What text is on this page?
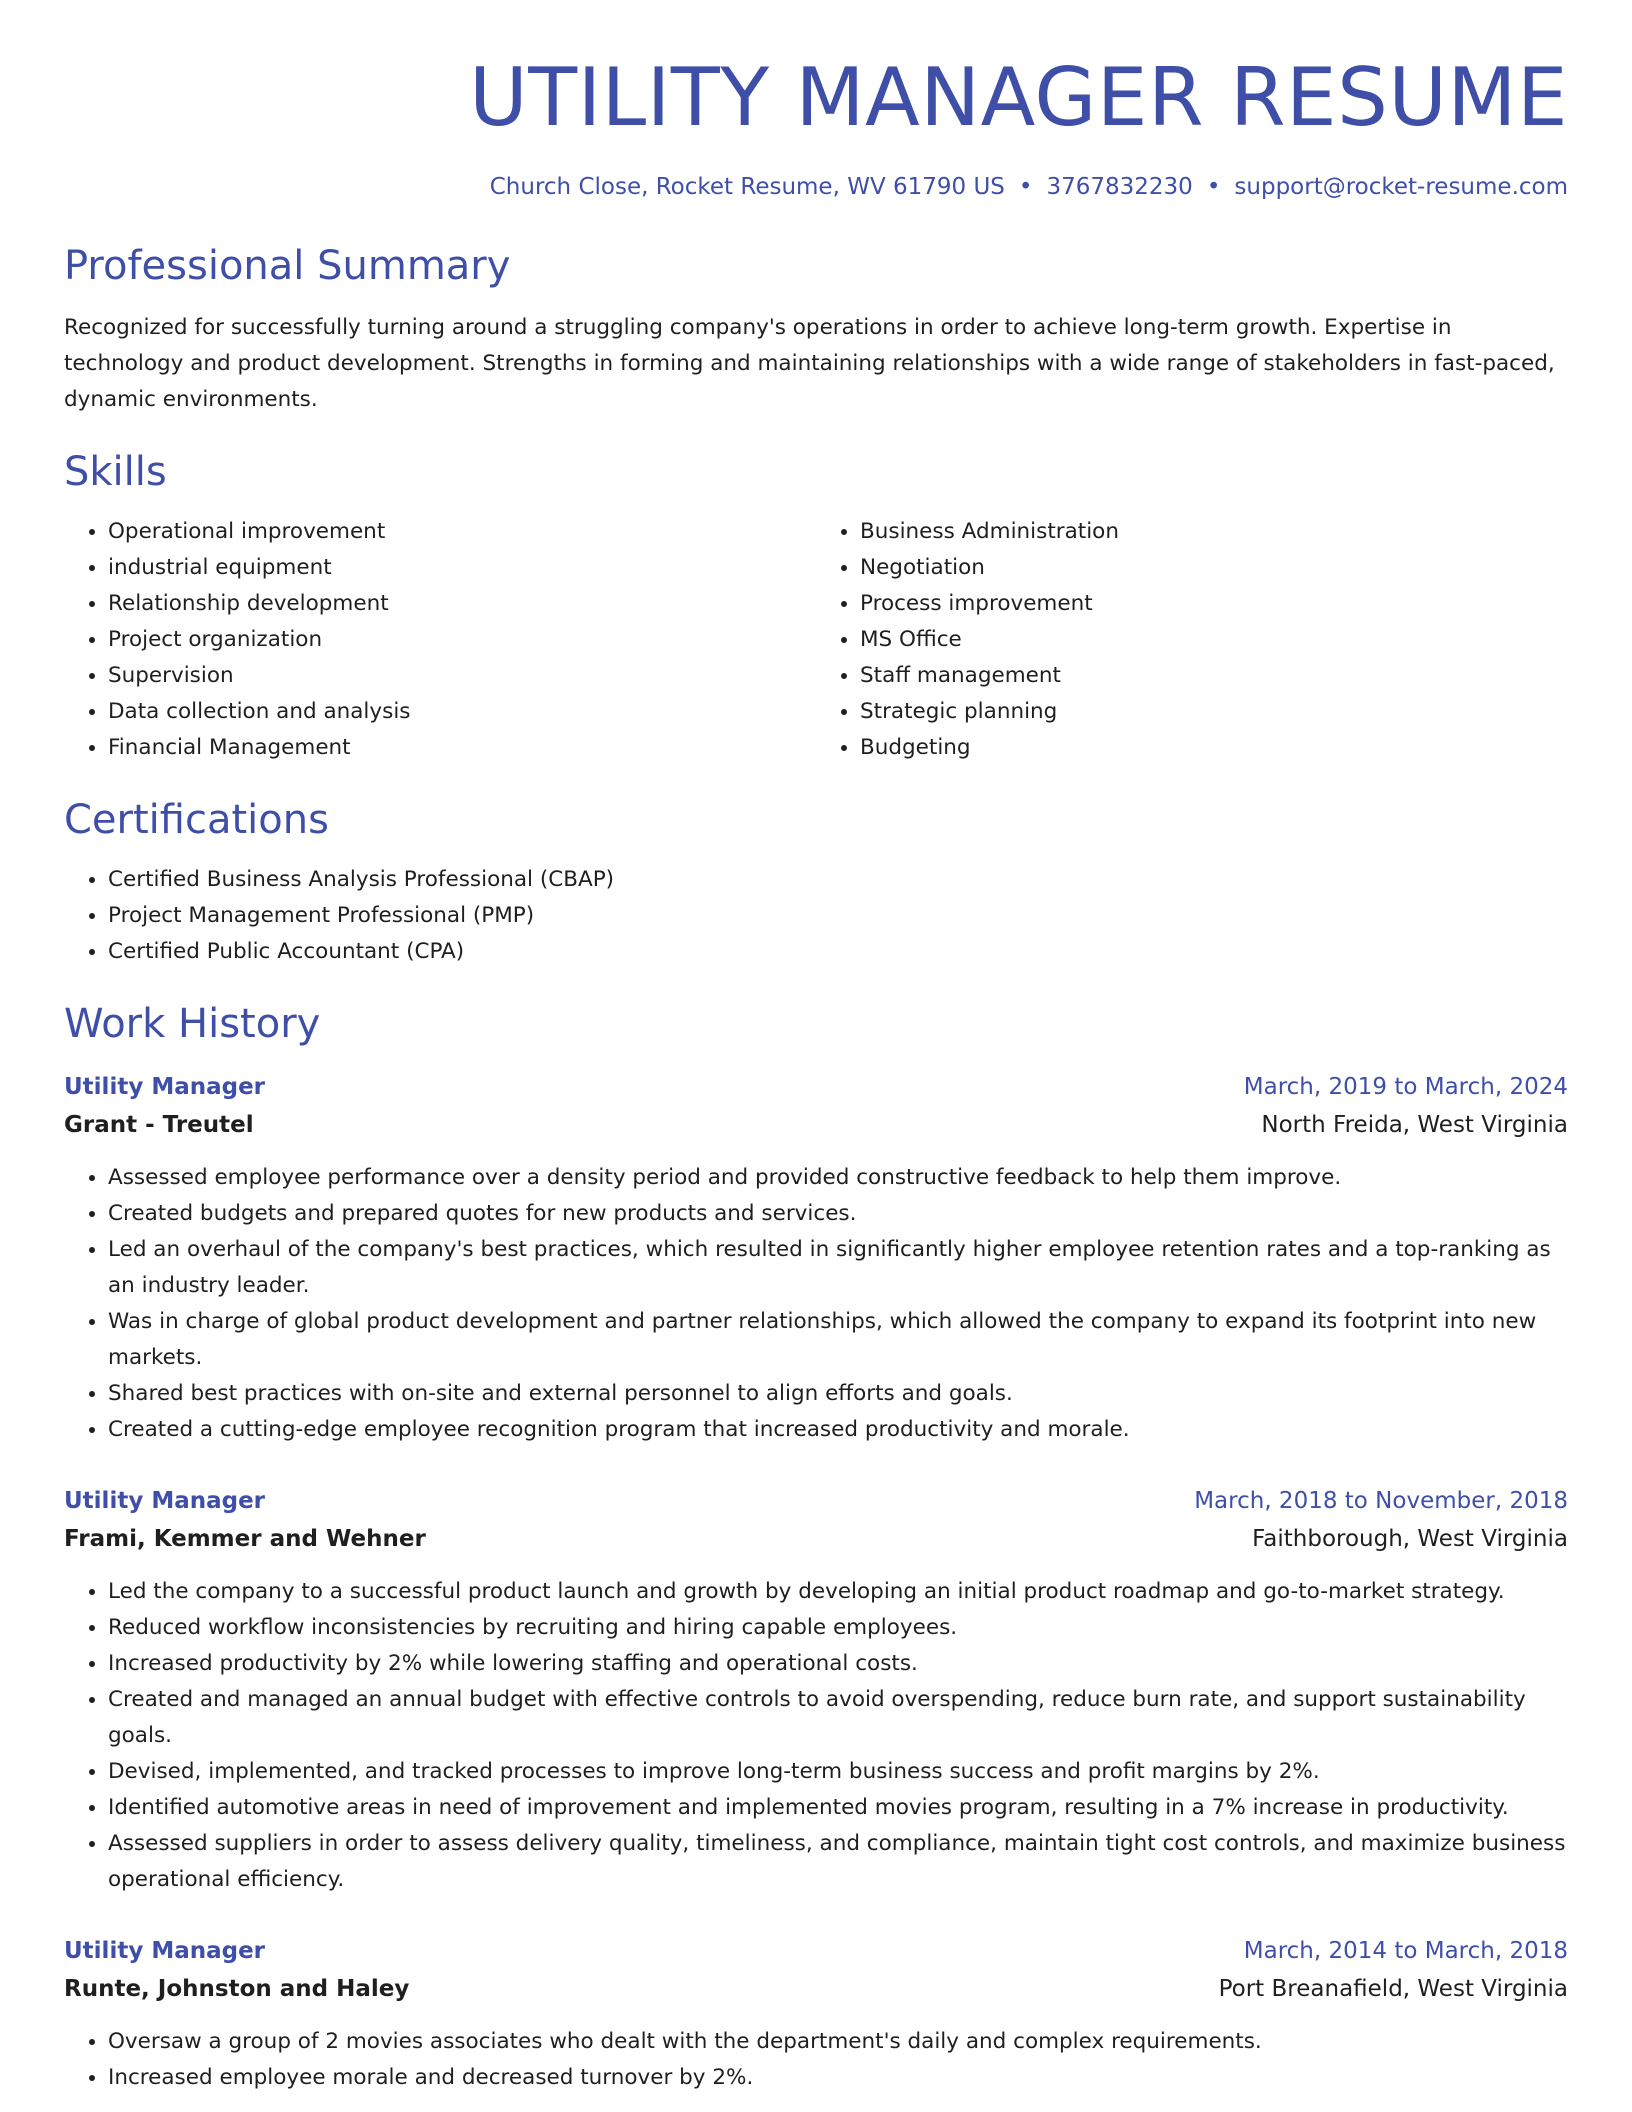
UTILITY MANAGER RESUME
Church Close, Rocket Resume, WV 61790 US • 3767832230 • support@rocket-resume.com
Professional Summary

Recognized for successfully turning around a struggling company's operations in order to achieve long-term growth. Expertise in technology and product development. Strengths in forming and maintaining relationships with a wide range of stakeholders in fast-paced, dynamic environments.

Skills
• Operational improvement
• industrial equipment
• Relationship development
• Project organization
• Supervision
• Data collection and analysis
• Financial Management
• Business Administration
• Negotiation
• Process improvement
• MS Office
• Staff management
• Strategic planning
• Budgeting
Certifications
• Certified Business Analysis Professional (CBAP)
• Project Management Professional (PMP)
• Certified Public Accountant (CPA)
Work History
Utility Manager	March, 2019 to March, 2024
Grant - Treutel	North Freida, West Virginia
• Assessed employee performance over a density period and provided constructive feedback to help them improve.
• Created budgets and prepared quotes for new products and services.
• Led an overhaul of the company's best practices, which resulted in significantly higher employee retention rates and a top-ranking as an industry leader.
• Was in charge of global product development and partner relationships, which allowed the company to expand its footprint into new markets.
• Shared best practices with on-site and external personnel to align efforts and goals.
• Created a cutting-edge employee recognition program that increased productivity and morale.
Utility Manager	March, 2018 to November, 2018
Frami, Kemmer and Wehner	Faithborough, West Virginia
• Led the company to a successful product launch and growth by developing an initial product roadmap and go-to-market strategy.
• Reduced workflow inconsistencies by recruiting and hiring capable employees.
• Increased productivity by 2% while lowering staffing and operational costs.
• Created and managed an annual budget with effective controls to avoid overspending, reduce burn rate, and support sustainability goals.
• Devised, implemented, and tracked processes to improve long-term business success and profit margins by 2%.
• Identified automotive areas in need of improvement and implemented movies program, resulting in a 7% increase in productivity.
• Assessed suppliers in order to assess delivery quality, timeliness, and compliance, maintain tight cost controls, and maximize business operational efficiency.
Utility Manager	March, 2014 to March, 2018
Runte, Johnston and Haley	Port Breanafield, West Virginia
• Oversaw a group of 2 movies associates who dealt with the department's daily and complex requirements.
• Increased employee morale and decreased turnover by 2%.
